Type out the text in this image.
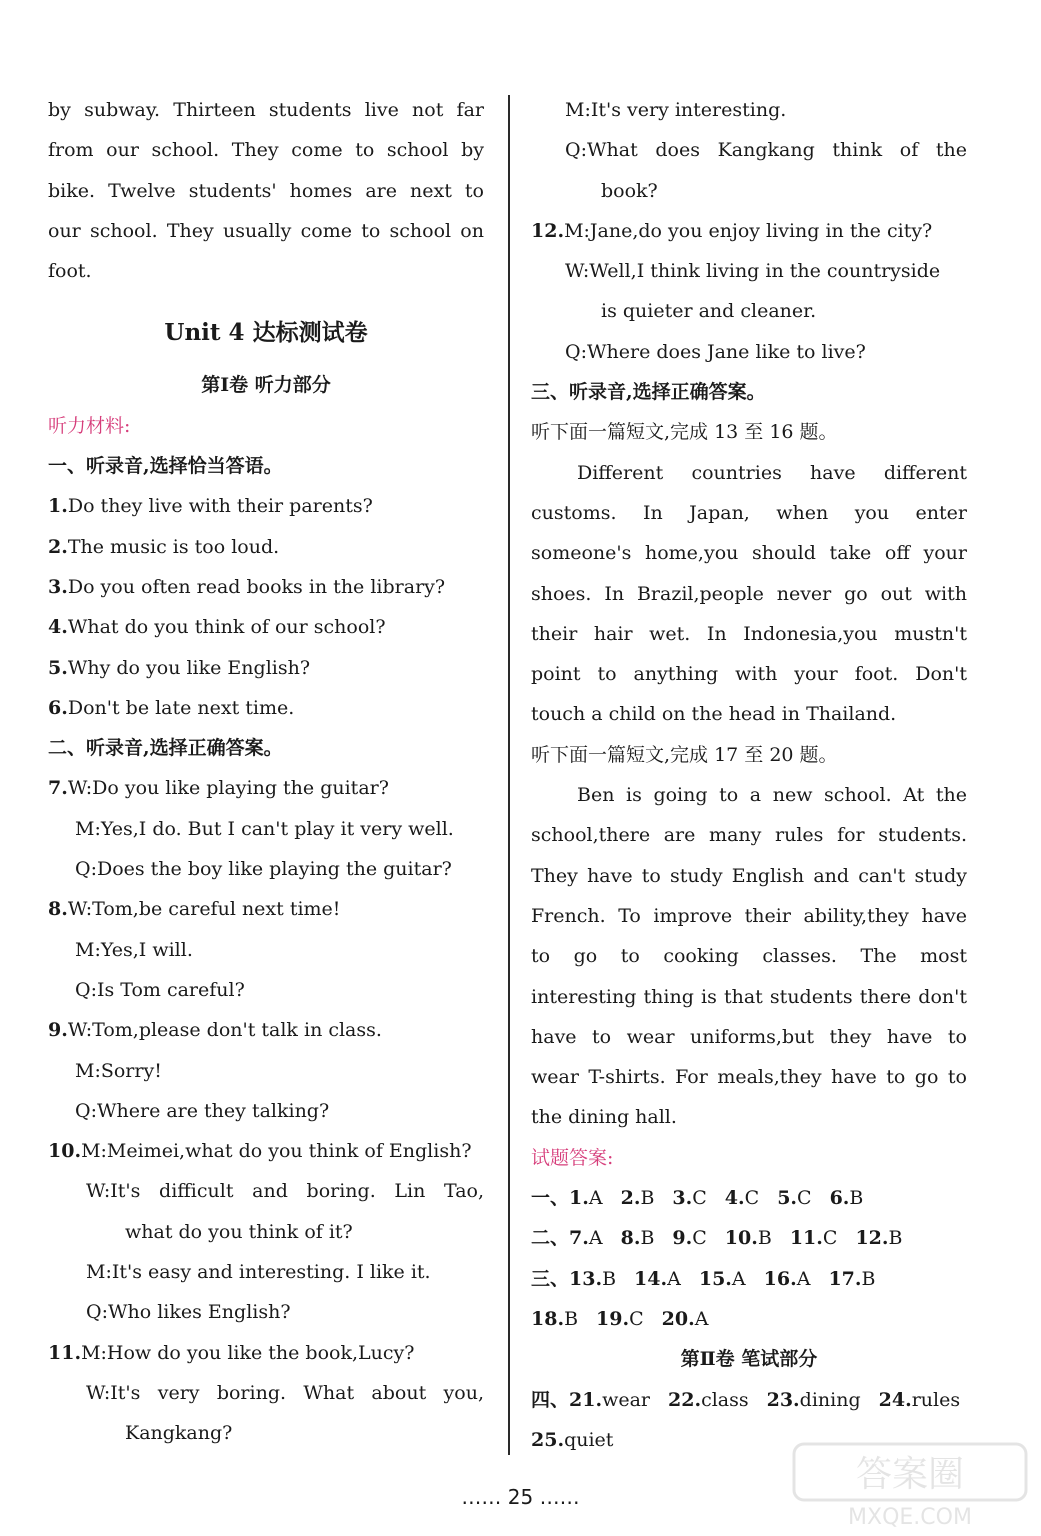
by subway. Thirteen students live not far
from our school. They come to school by
bike. Twelve students' homes are next to
our school. They usually come to school on
foot.
Unit 4 达标测试卷
第Ⅰ卷 听力部分
听力材料:
一、听录音,选择恰当答语。
1.Do they live with their parents?
2.The music is too loud.
3.Do you often read books in the library?
4.What do you think of our school?
5.Why do you like English?
6.Don't be late next time.
二、听录音,选择正确答案。
7.W:Do you like playing the guitar?
M:Yes,I do. But I can't play it very well.
Q:Does the boy like playing the guitar?
8.W:Tom,be careful next time!
M:Yes,I will.
Q:Is Tom careful?
9.W:Tom,please don't talk in class.
M:Sorry!
Q:Where are they talking?
10.M:Meimei,what do you think of English?
W:It's difficult and boring. Lin Tao,
what do you think of it?
M:It's easy and interesting. I like it.
Q:Who likes English?
11.M:How do you like the book,Lucy?
W:It's very boring. What about you,
Kangkang?
M:It's very interesting.
Q:What does Kangkang think of the
book?
12.M:Jane,do you enjoy living in the city?
W:Well,I think living in the countryside
is quieter and cleaner.
Q:Where does Jane like to live?
三、听录音,选择正确答案。
听下面一篇短文,完成 13 至 16 题。
Different countries have different
customs. In Japan, when you enter
someone's home,you should take off your
shoes. In Brazil,people never go out with
their hair wet. In Indonesia,you mustn't
point to anything with your foot. Don't
touch a child on the head in Thailand.
听下面一篇短文,完成 17 至 20 题。
Ben is going to a new school. At the
school,there are many rules for students.
They have to study English and can't study
French. To improve their ability,they have
to go to cooking classes. The most
interesting thing is that students there don't
have to wear uniforms,but they have to
wear T-shirts. For meals,they have to go to
the dining hall.
试题答案:
一、1.A 2.B 3.C 4.C 5.C 6.B
二、7.A 8.B 9.C 10.B 11.C 12.B
三、13.B 14.A 15.A 16.A 17.B
18.B 19.C 20.A
第Ⅱ卷 笔试部分
四、21.wear 22.class 23.dining 24.rules
25.quiet
…… 25 ……
答案圈
MXQE.COM
